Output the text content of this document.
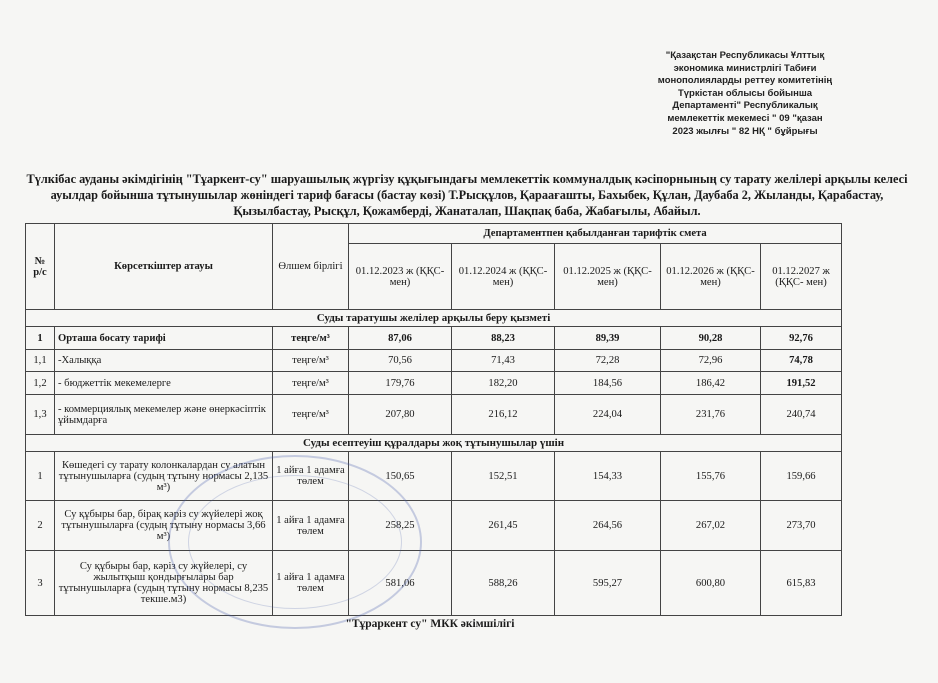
"Қазақстан Республикасы Ұлттық
экономика министрлігі Табиғи
монополияларды реттеу комитетінің
Түркістан облысы бойынша
Департаменті" Республикалық
мемлекеттік мекемесі " 09 "қазан
2023 жылғы " 82 НҚ " бұйрығы
Түлкібас ауданы әкімдігінің "Тұаркент-су" шаруашылық жүргізу құқығындағы мемлекеттік коммуналдық кәсіпорнының су тарату желілері арқылы келесі ауылдар бойынша тұтынушылар жөніндегі тариф бағасы (бастау көзі) Т.Рысқұлов, Қараағашты, Бахыбек, Құлан, Даубаба 2, Жыланды, Қарабастау, Қызылбастау, Рысқұл, Қожамберді, Жанаталап, Шақпақ баба, Жабағылы, Абайыл.
№ р/с	Көрсеткіштер атауы	Өлшем бірлігі	Департаментпен қабылданған тарифтік смета				
			01.12.2023 ж (ҚҚС- мен)	01.12.2024 ж (ҚҚС- мен)	01.12.2025 ж (ҚҚС- мен)	01.12.2026 ж (ҚҚС- мен)	01.12.2027 ж (ҚҚС- мен)
Суды таратушы желілер арқылы беру қызметі							
1	Орташа босату тарифі	теңге/м³	87,06	88,23	89,39	90,28	92,76
1,1	-Халыққа	теңге/м³	70,56	71,43	72,28	72,96	74,78
1,2	- бюджеттік мекемелерге	теңге/м³	179,76	182,20	184,56	186,42	191,52
1,3	- коммерциялық мекемелер және өнеркәсіптік ұйымдарға	теңге/м³	207,80	216,12	224,04	231,76	240,74
Суды есептеуіш құралдары жоқ тұтынушылар үшін							
1	Көшедегі су тарату колонкалардан су алатын тұтынушыларға (судың тұтыну нормасы 2,135 м³)	1 айға 1 адамға төлем	150,65	152,51	154,33	155,76	159,66
2	Су құбыры бар, бірақ кәріз су жүйелері жоқ тұтынушыларға (судың тұтыну нормасы 3,66 м³)	1 айға 1 адамға төлем	258,25	261,45	264,56	267,02	273,70
3	Су құбыры бар, кәріз су жүйелері, су жылытқыш қондырғылары бар тұтынушыларға (судың тұтыну нормасы 8,235 текше.м3)	1 айға 1 адамға төлем	581,06	588,26	595,27	600,80	615,83
"Тұраркент су" МКК әкімшілігі
